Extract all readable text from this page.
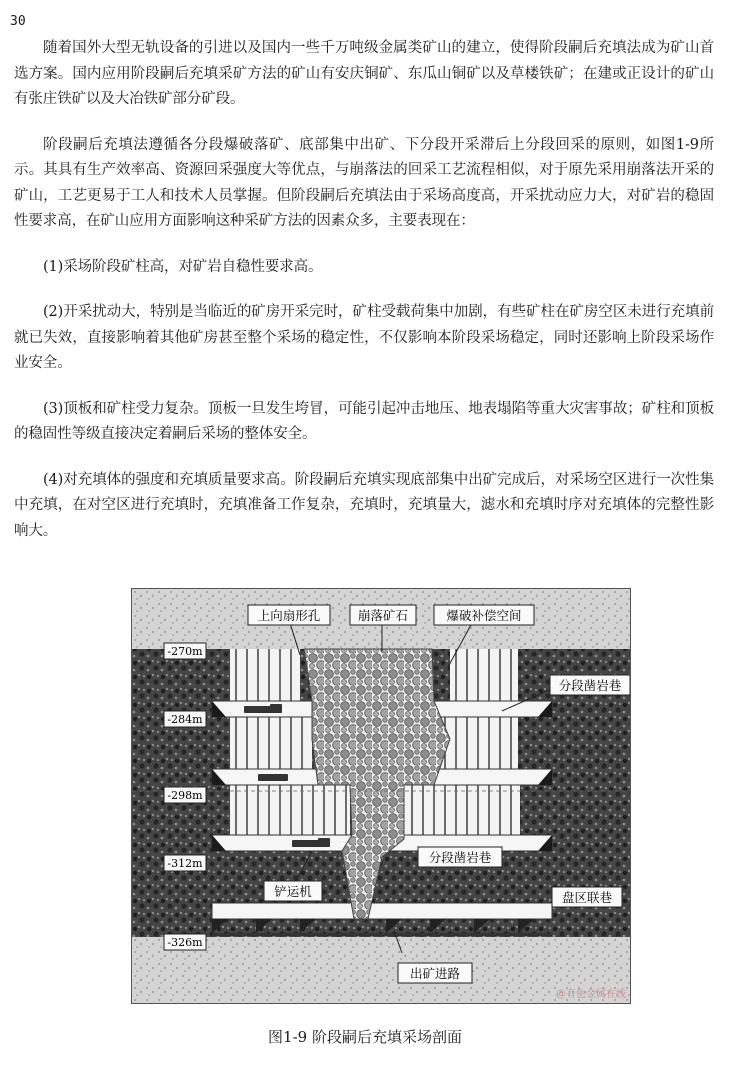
30

随着国外大型无轨设备的引进以及国内一些千万吨级金属类矿山的建立，使得阶段嗣后充填法成为矿山首选方案。国内应用阶段嗣后充填采矿方法的矿山有安庆铜矿、东瓜山铜矿以及草楼铁矿；在建或正设计的矿山有张庄铁矿以及大冶铁矿部分矿段。

阶段嗣后充填法遵循各分段爆破落矿、底部集中出矿、下分段开采滞后上分段回采的原则，如图1-9所示。其具有生产效率高、资源回采强度大等优点，与崩落法的回采工艺流程相似，对于原先采用崩落法开采的矿山，工艺更易于工人和技术人员掌握。但阶段嗣后充填法由于采场高度高，开采扰动应力大，对矿岩的稳固性要求高，在矿山应用方面影响这种采矿方法的因素众多，主要表现在：

(1)采场阶段矿柱高，对矿岩自稳性要求高。

(2)开采扰动大，特别是当临近的矿房开采完时，矿柱受载荷集中加剧，有些矿柱在矿房空区未进行充填前就已失效，直接影响着其他矿房甚至整个采场的稳定性，不仅影响本阶段采场稳定，同时还影响上阶段采场作业安全。

(3)顶板和矿柱受力复杂。顶板一旦发生垮冒，可能引起冲击地压、地表塌陷等重大灾害事故；矿柱和顶板的稳固性等级直接决定着嗣后采场的整体安全。

(4)对充填体的强度和充填质量要求高。阶段嗣后充填实现底部集中出矿完成后，对采场空区进行一次性集中充填，在对空区进行充填时，充填准备工作复杂，充填时，充填量大，滤水和充填时序对充填体的完整性影响大。

-270m
-284m
-298m
-312m
-326m
上向扇形孔	崩落矿石	爆破补偿空间
分段凿岩巷
分段凿岩巷
铲运机	盘区联巷
出矿进路
@有色金属在线
图1-9 阶段嗣后充填采场剖面
